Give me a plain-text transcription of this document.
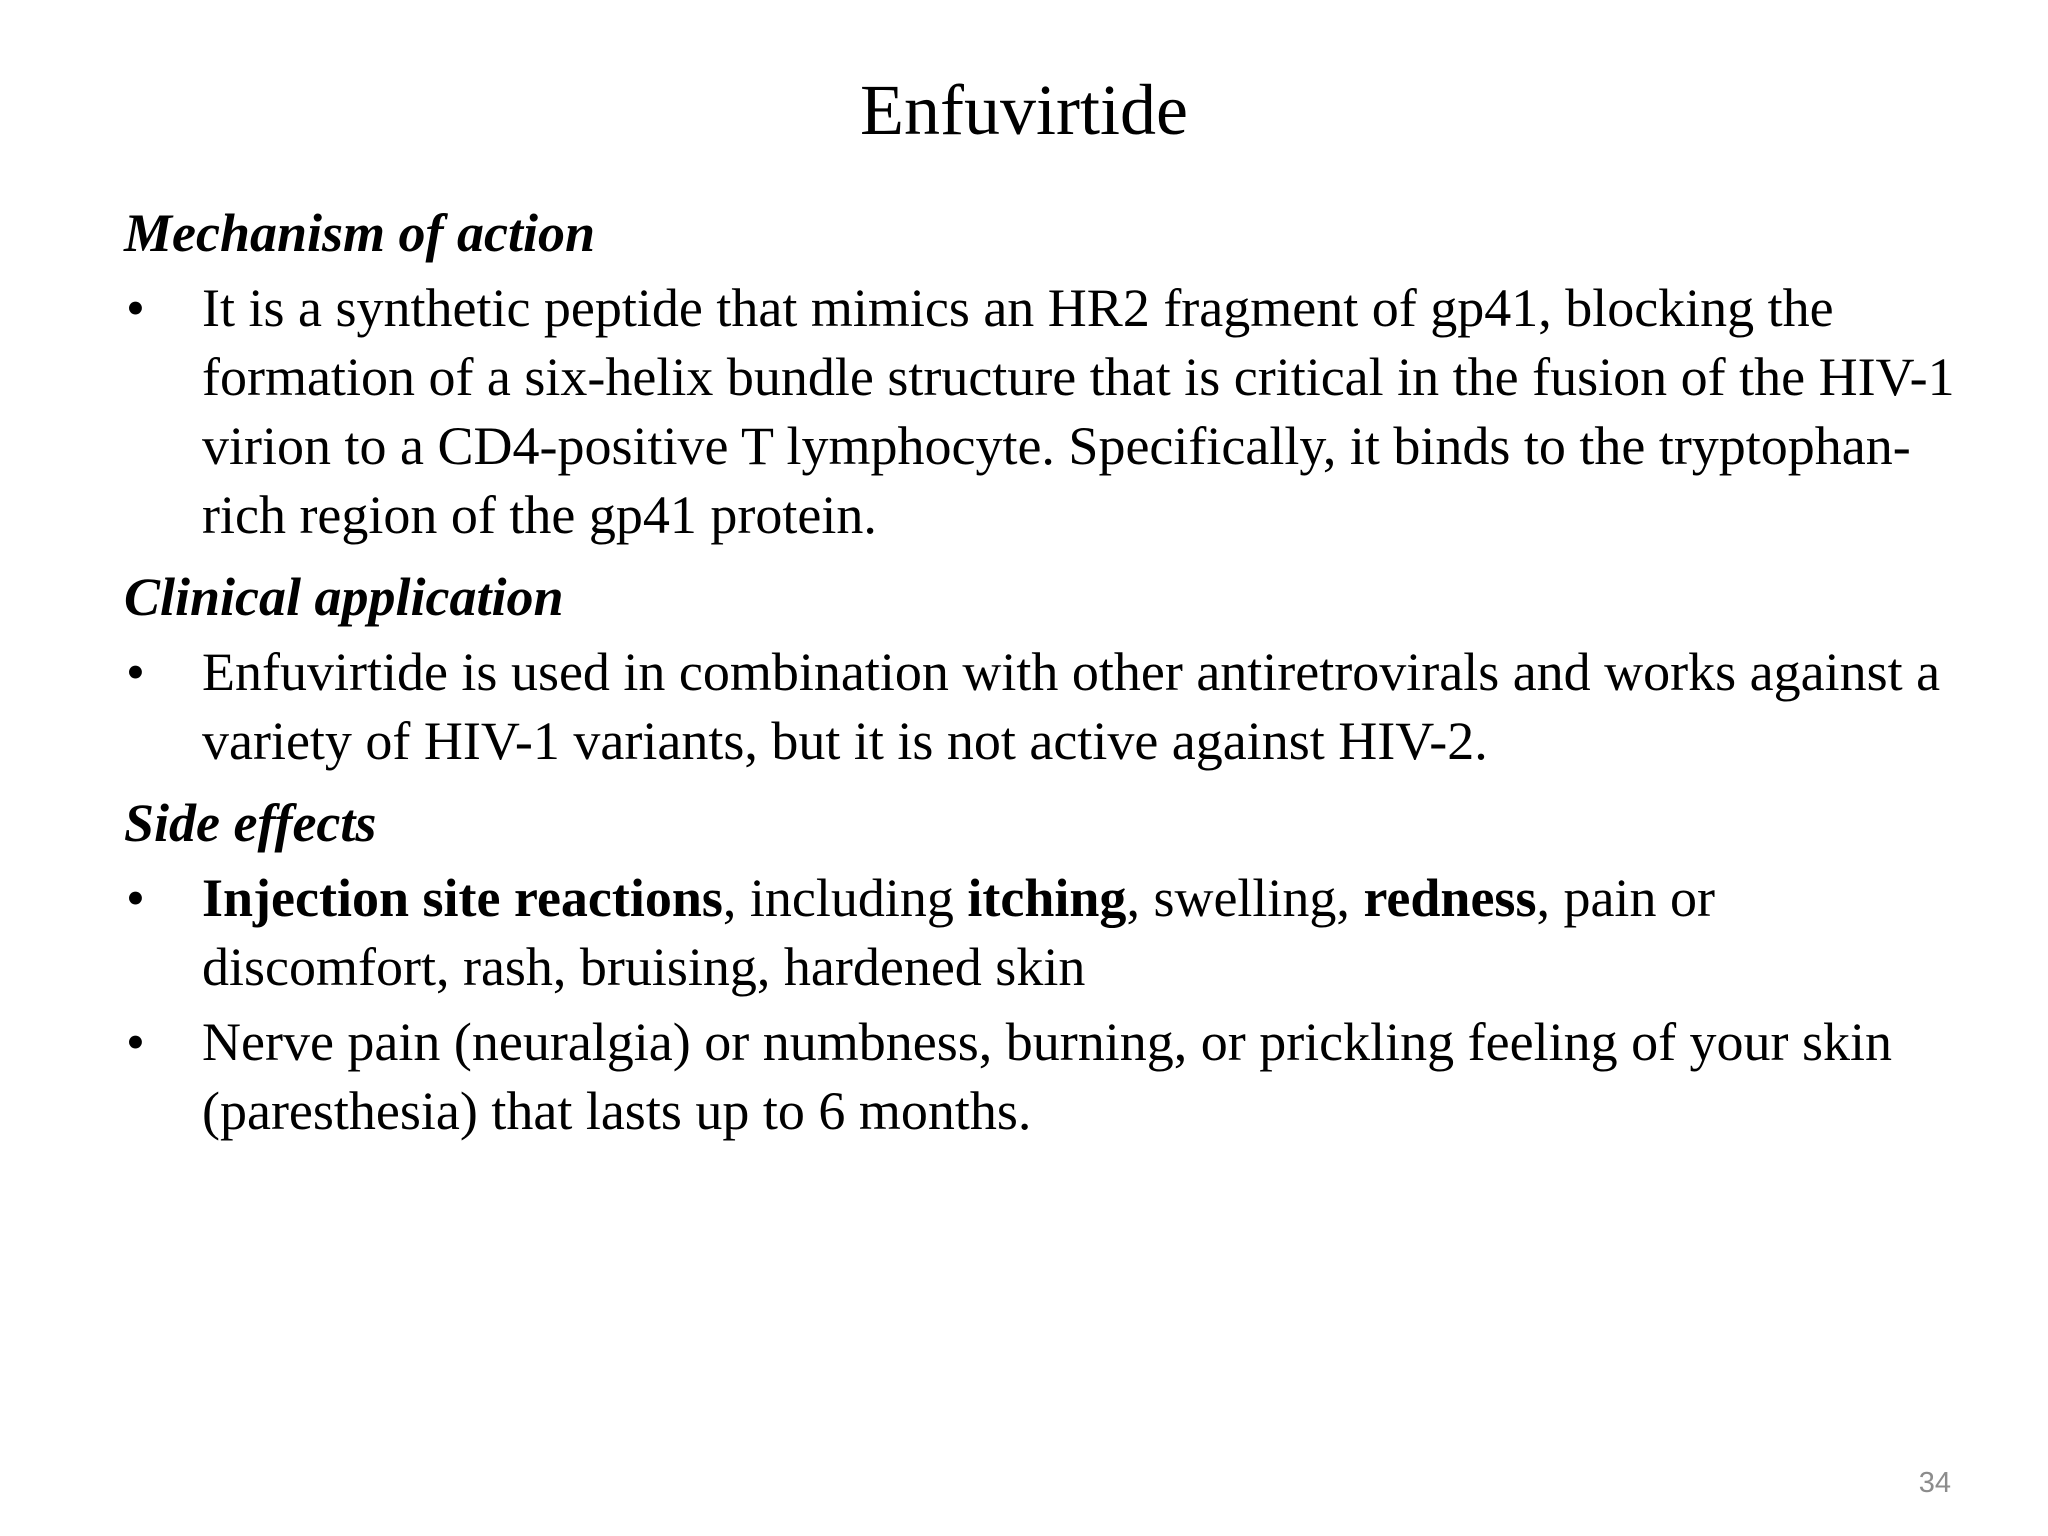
Enfuvirtide
Mechanism of action
• It is a synthetic peptide that mimics an HR2 fragment of gp41, blocking the formation of a six-helix bundle structure that is critical in the fusion of the HIV-1 virion to a CD4-positive T lymphocyte. Specifically, it binds to the tryptophan-rich region of the gp41 protein.
Clinical application
• Enfuvirtide is used in combination with other antiretrovirals and works against a variety of HIV-1 variants, but it is not active against HIV-2.
Side effects
• Injection site reactions, including itching, swelling, redness, pain or discomfort, rash, bruising, hardened skin
• Nerve pain (neuralgia) or numbness, burning, or prickling feeling of your skin (paresthesia) that lasts up to 6 months.
34
